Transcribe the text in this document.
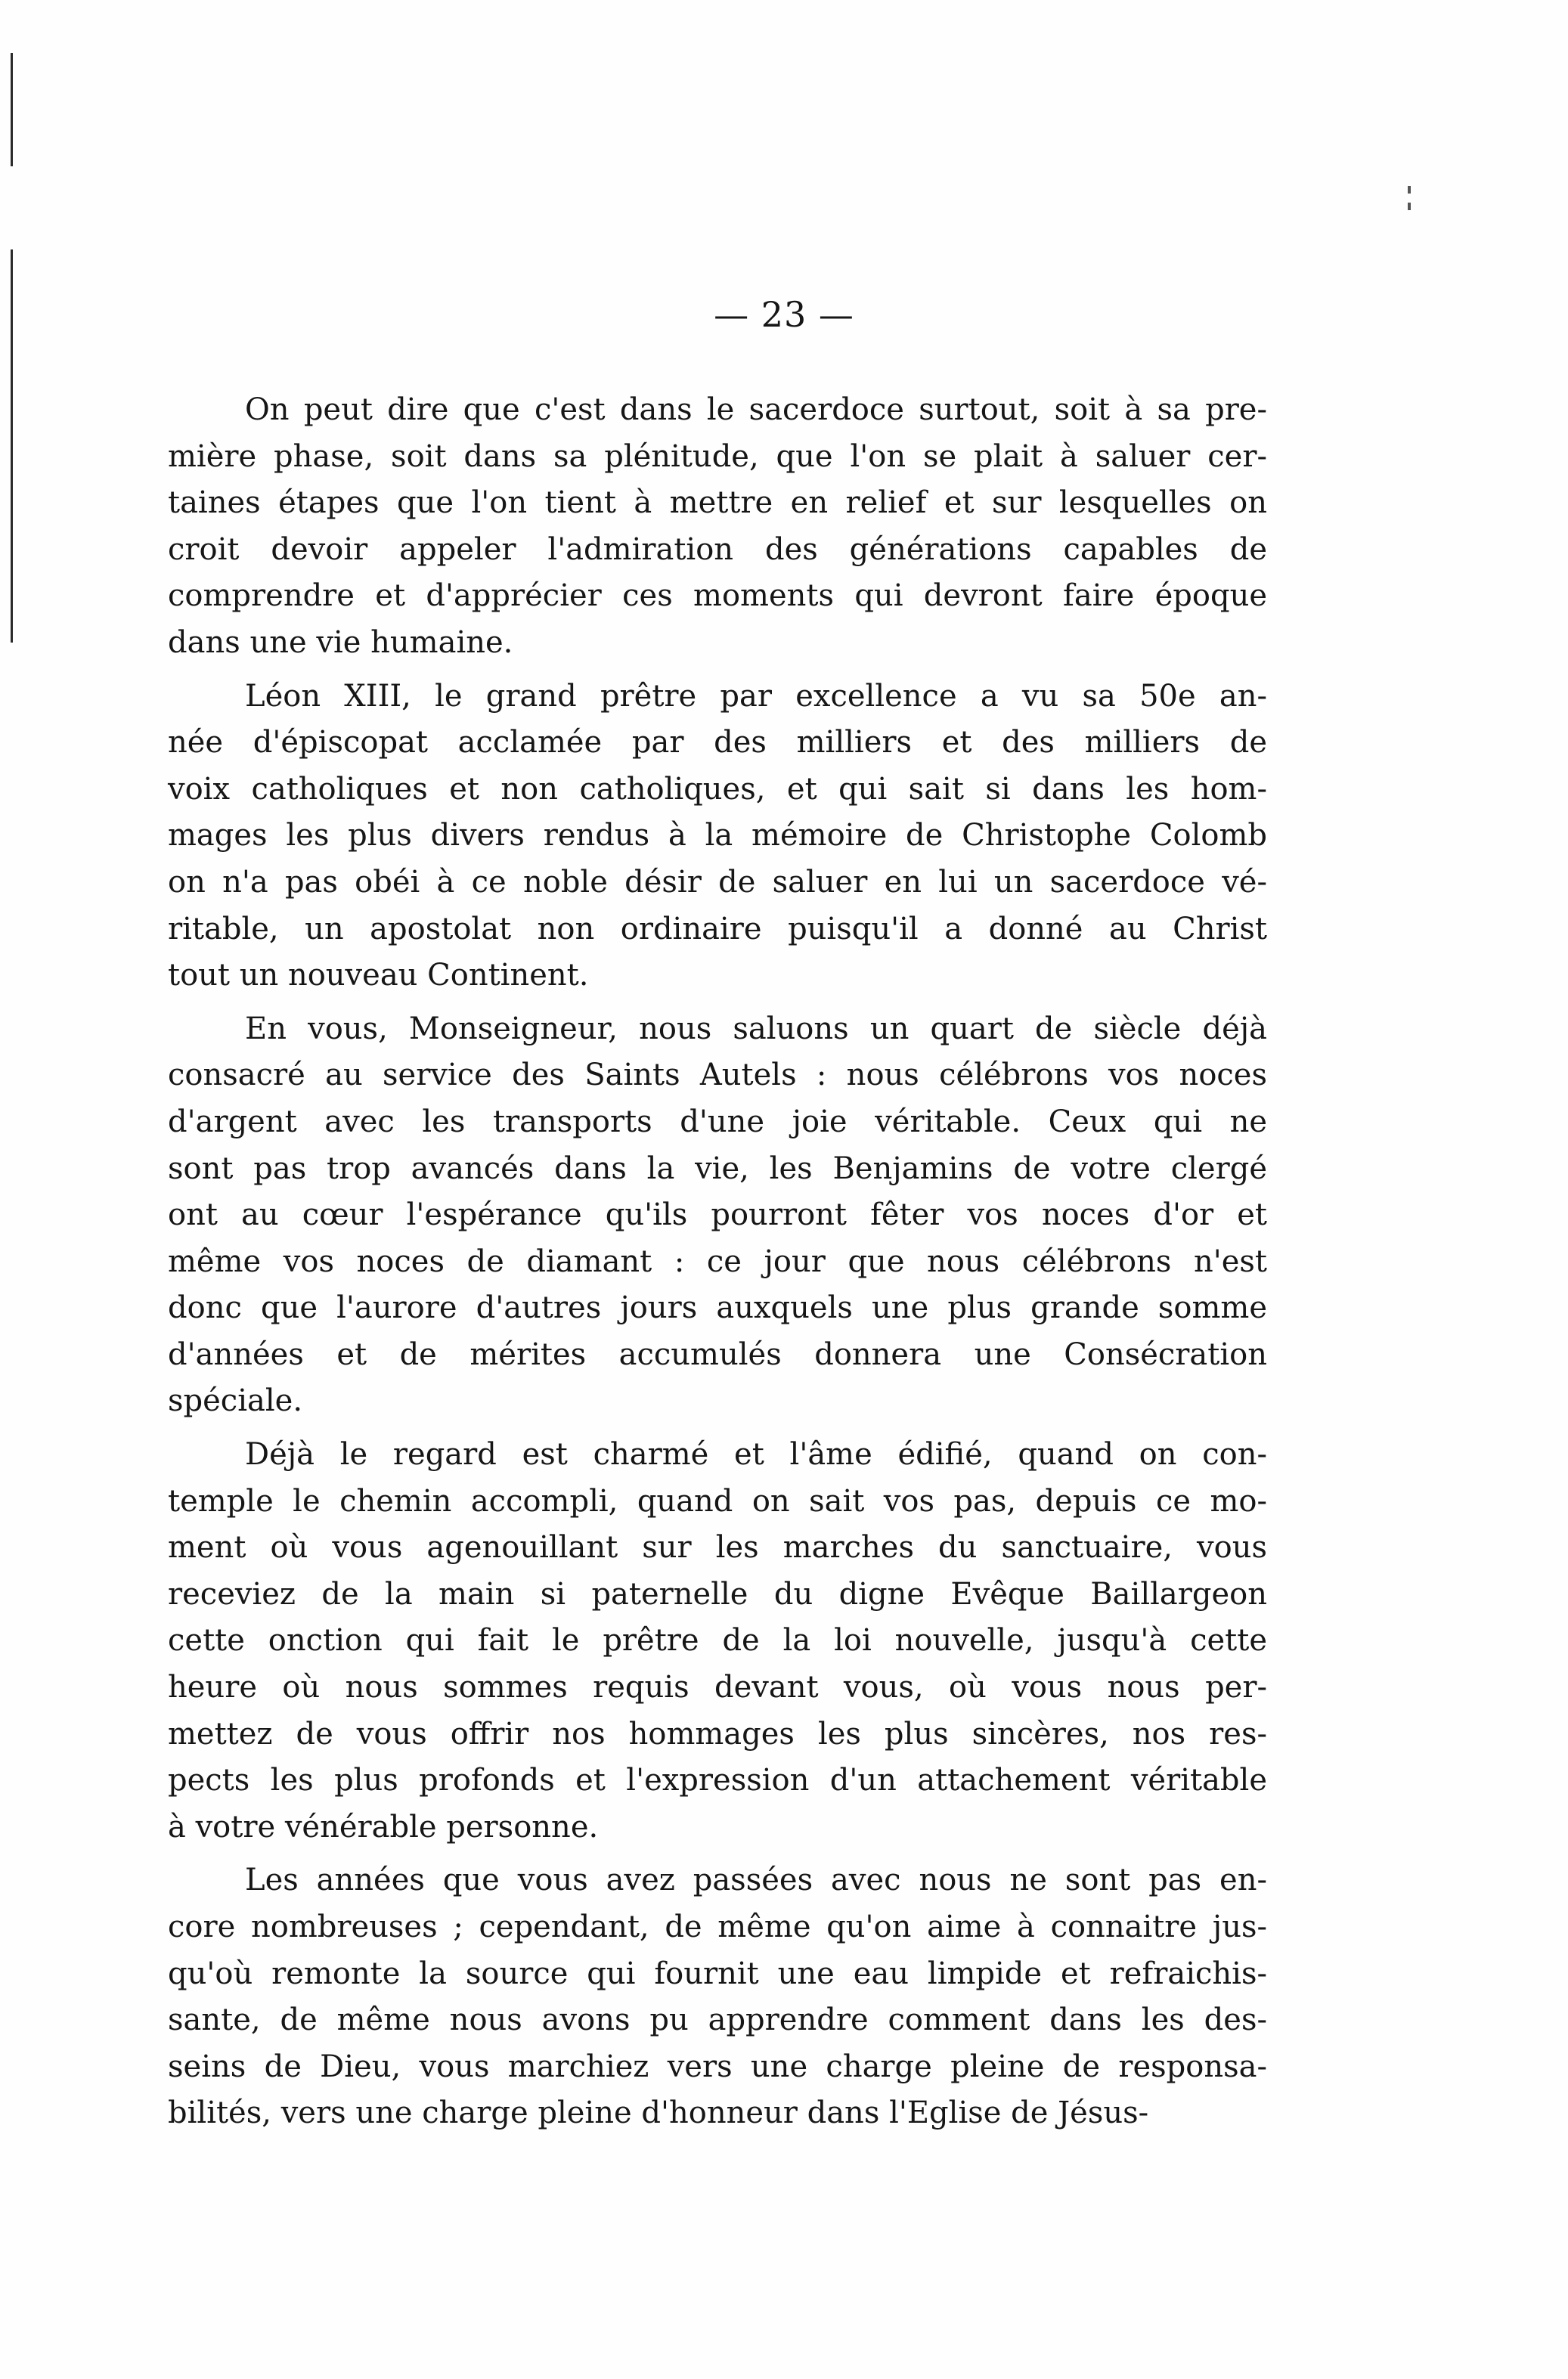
— 23 —
On peut dire que c'est dans le sacerdoce surtout, soit à sa pre-
mière phase, soit dans sa plénitude, que l'on se plait à saluer cer-
taines étapes que l'on tient à mettre en relief et sur lesquelles on
croit devoir appeler l'admiration des générations capables de
comprendre et d'apprécier ces moments qui devront faire époque
dans une vie humaine.
Léon XIII, le grand prêtre par excellence a vu sa 50e an-
née d'épiscopat acclamée par des milliers et des milliers de
voix catholiques et non catholiques, et qui sait si dans les hom-
mages les plus divers rendus à la mémoire de Christophe Colomb
on n'a pas obéi à ce noble désir de saluer en lui un sacerdoce vé-
ritable, un apostolat non ordinaire puisqu'il a donné au Christ
tout un nouveau Continent.
En vous, Monseigneur, nous saluons un quart de siècle déjà
consacré au service des Saints Autels : nous célébrons vos noces
d'argent avec les transports d'une joie véritable. Ceux qui ne
sont pas trop avancés dans la vie, les Benjamins de votre clergé
ont au cœur l'espérance qu'ils pourront fêter vos noces d'or et
même vos noces de diamant : ce jour que nous célébrons n'est
donc que l'aurore d'autres jours auxquels une plus grande somme
d'années et de mérites accumulés donnera une Consécration
spéciale.
Déjà le regard est charmé et l'âme édifié, quand on con-
temple le chemin accompli, quand on sait vos pas, depuis ce mo-
ment où vous agenouillant sur les marches du sanctuaire, vous
receviez de la main si paternelle du digne Evêque Baillargeon
cette onction qui fait le prêtre de la loi nouvelle, jusqu'à cette
heure où nous sommes requis devant vous, où vous nous per-
mettez de vous offrir nos hommages les plus sincères, nos res-
pects les plus profonds et l'expression d'un attachement véritable
à votre vénérable personne.
Les années que vous avez passées avec nous ne sont pas en-
core nombreuses ; cependant, de même qu'on aime à connaitre jus-
qu'où remonte la source qui fournit une eau limpide et refraichis-
sante, de même nous avons pu apprendre comment dans les des-
seins de Dieu, vous marchiez vers une charge pleine de responsa-
bilités, vers une charge pleine d'honneur dans l'Eglise de Jésus-
